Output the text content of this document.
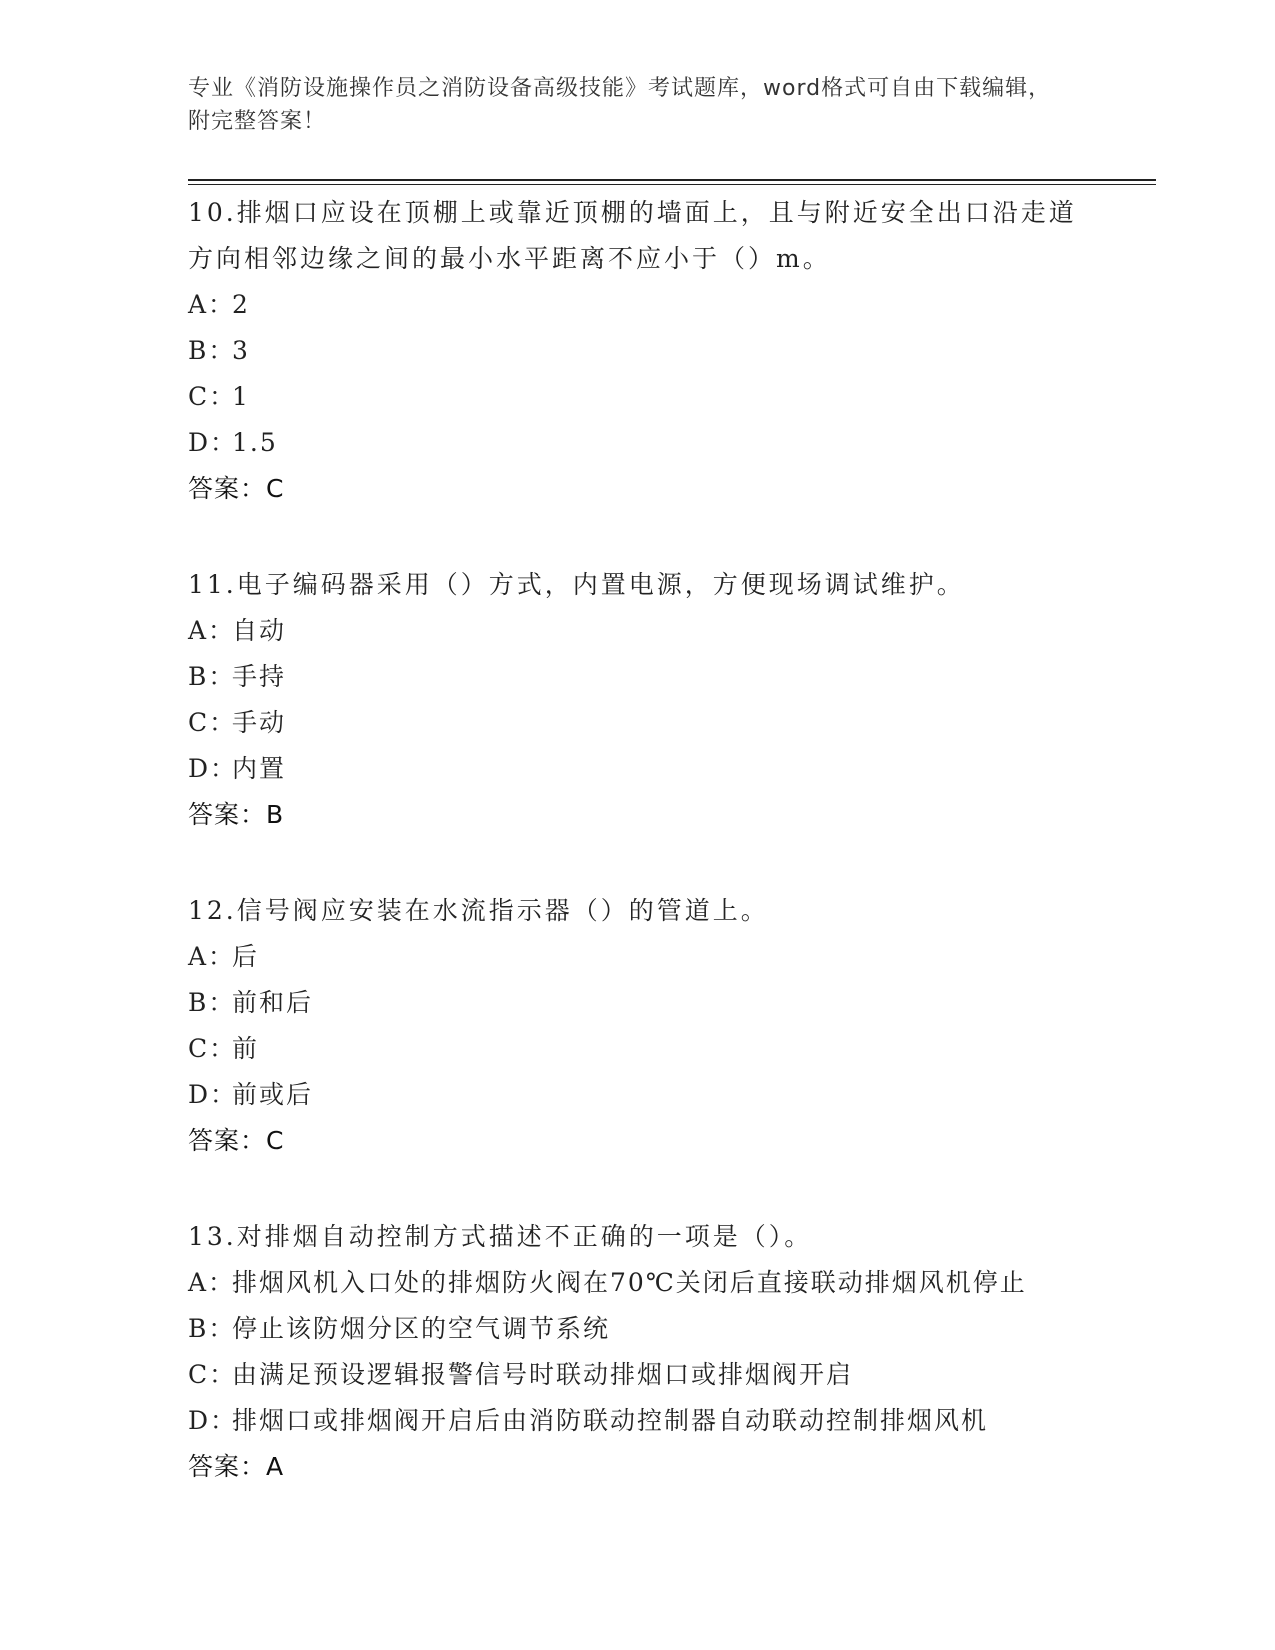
专业《消防设施操作员之消防设备高级技能》考试题库，word格式可自由下载编辑，附完整答案！

10.排烟口应设在顶棚上或靠近顶棚的墙面上，且与附近安全出口沿走道方向相邻边缘之间的最小水平距离不应小于（）m。

A：
2
B：
3
C：
1
D：
1.5
答案：C

11.电子编码器采用（）方式，内置电源，方便现场调试维护。

A：
自动
B：
手持
C：
手动
D：
内置
答案：B

12.信号阀应安装在水流指示器（）的管道上。

A：
后
B：
前和后
C：
前
D：
前或后
答案：C

13.对排烟自动控制方式描述不正确的一项是（）。

A：
排烟风机入口处的排烟防火阀在70℃关闭后直接联动排烟风机停止
B：
停止该防烟分区的空气调节系统
C：
由满足预设逻辑报警信号时联动排烟口或排烟阀开启
D：
排烟口或排烟阀开启后由消防联动控制器自动联动控制排烟风机
答案：A
